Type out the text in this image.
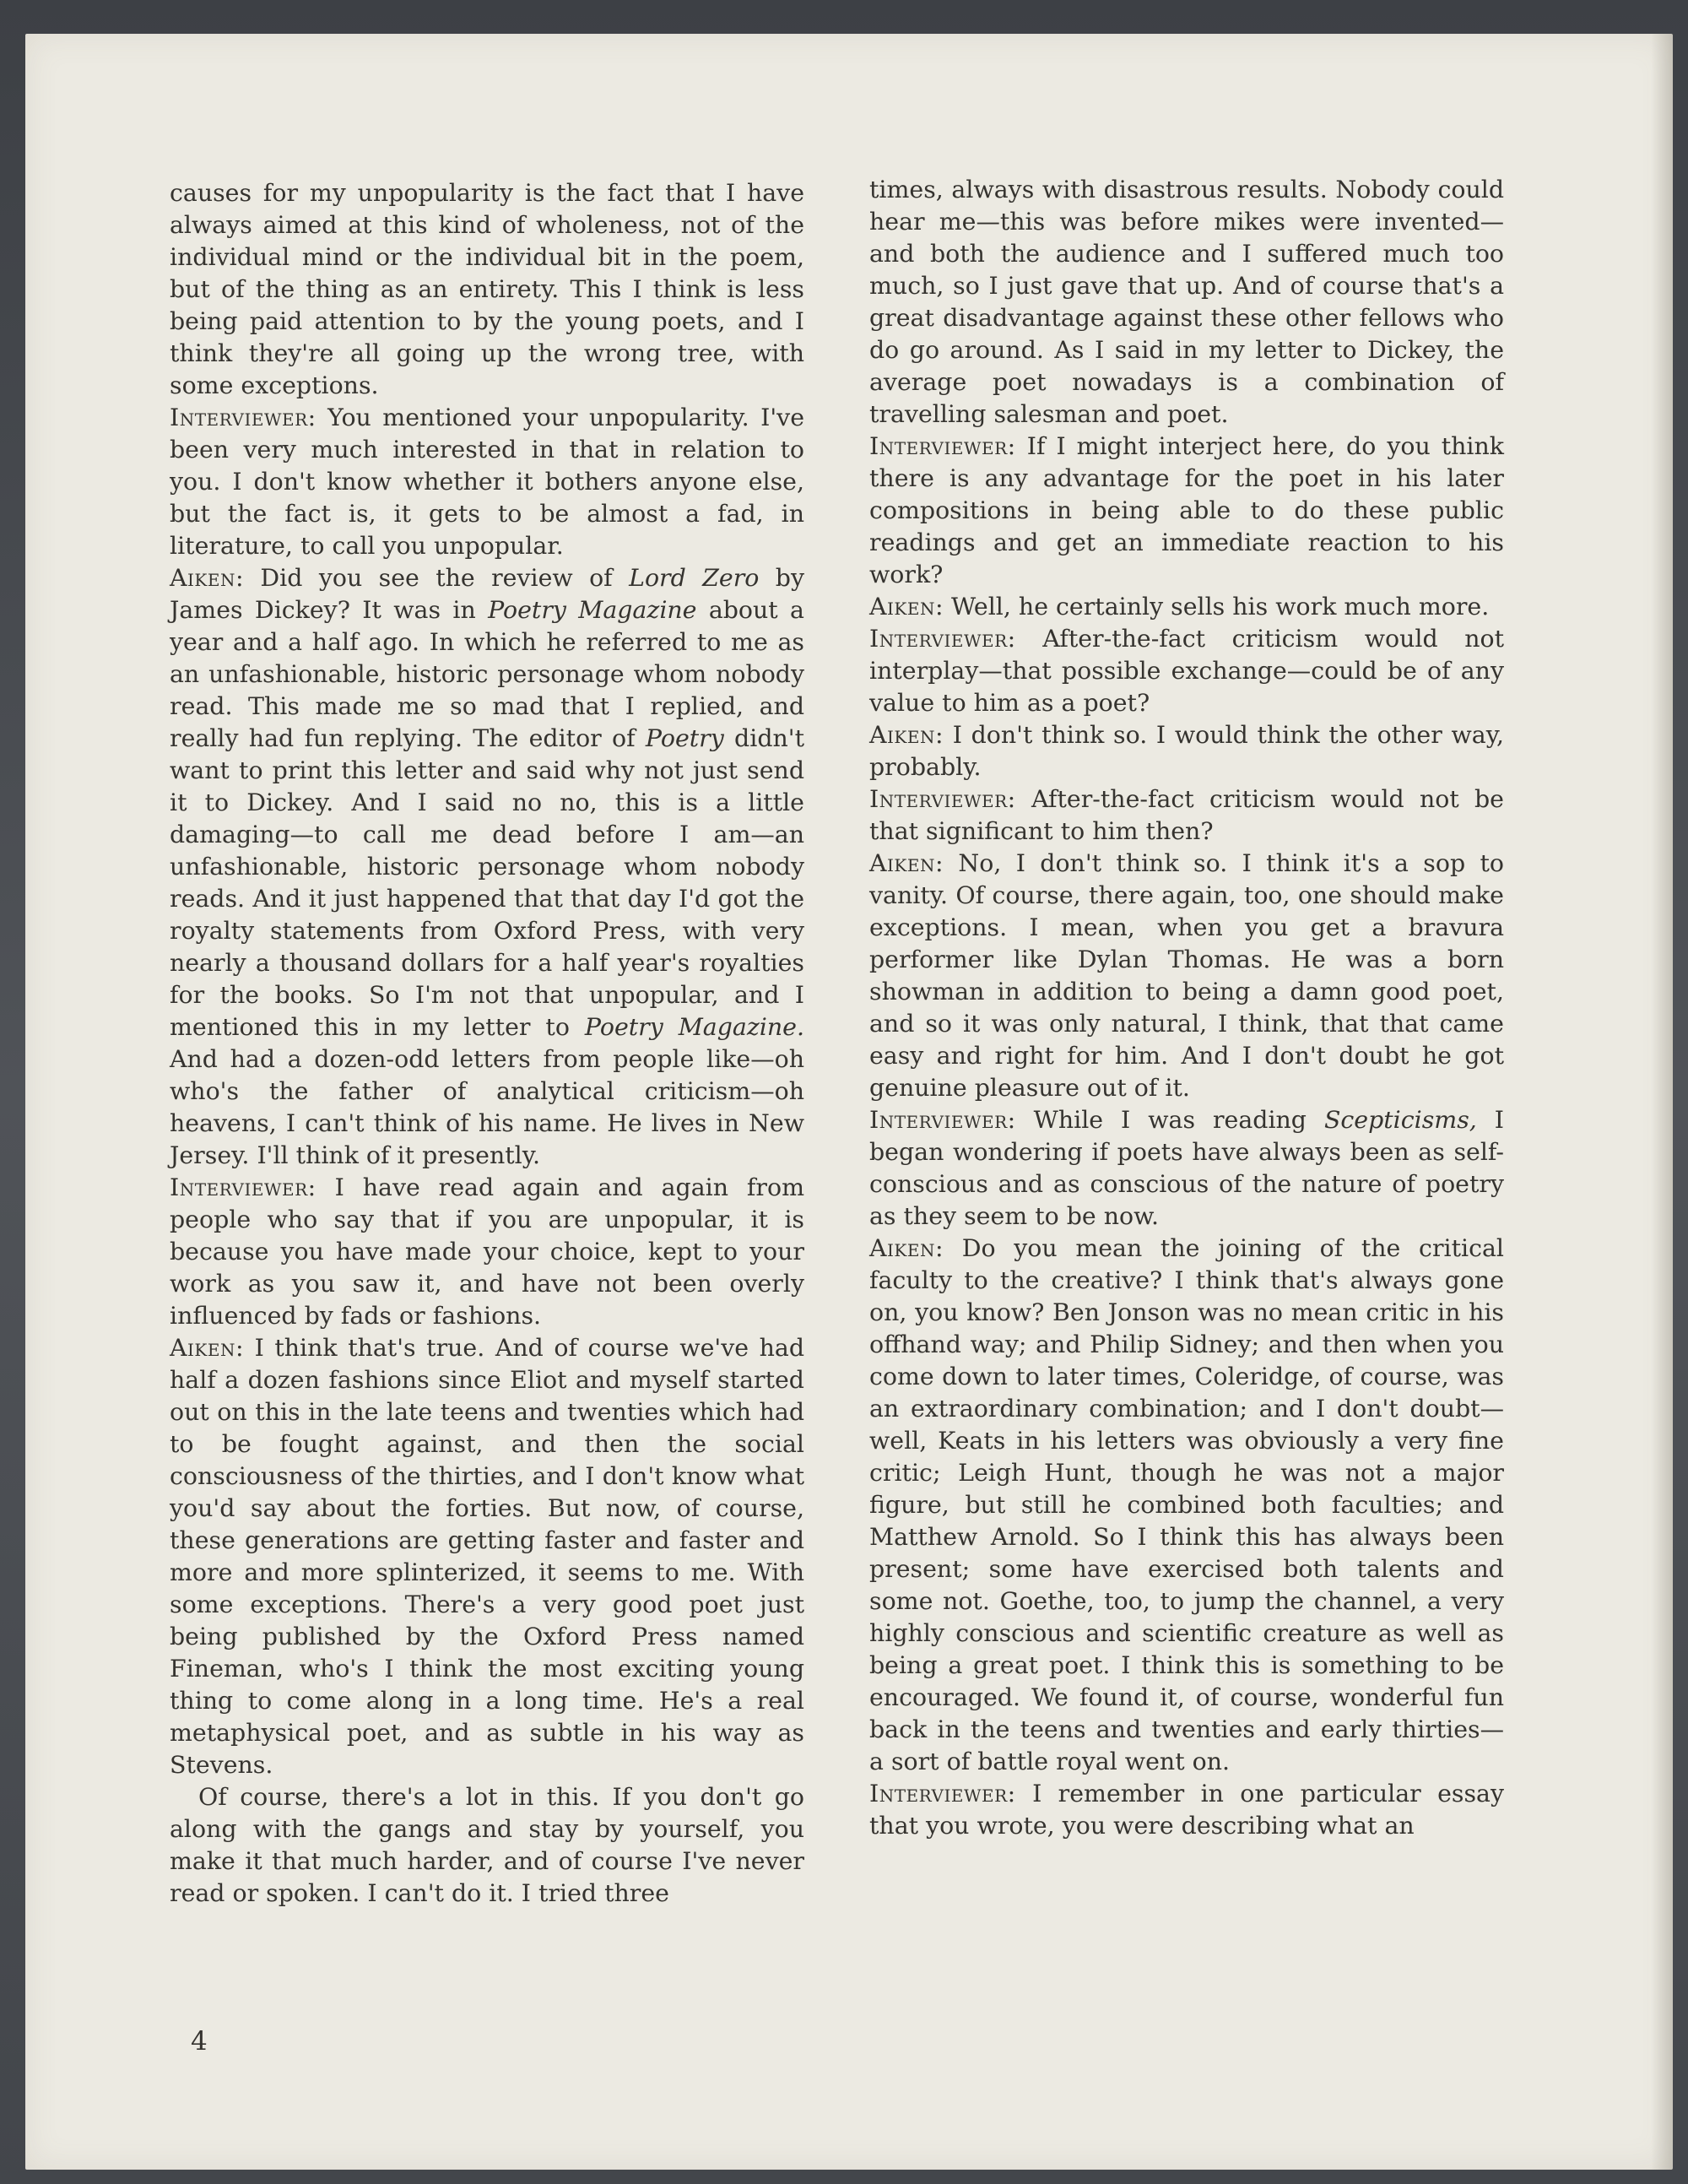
causes for my unpopularity is the fact that I have always aimed at this kind of wholeness, not of the individual mind or the individual bit in the poem, but of the thing as an entirety. This I think is less being paid attention to by the young poets, and I think they're all going up the wrong tree, with some exceptions.

Interviewer: You mentioned your unpopularity. I've been very much interested in that in relation to you. I don't know whether it bothers anyone else, but the fact is, it gets to be almost a fad, in literature, to call you unpopular.

Aiken: Did you see the review of Lord Zero by James Dickey? It was in Poetry Magazine about a year and a half ago. In which he referred to me as an unfashionable, historic personage whom nobody read. This made me so mad that I replied, and really had fun replying. The editor of Poetry didn't want to print this letter and said why not just send it to Dickey. And I said no no, this is a little damaging—to call me dead before I am—an unfashionable, historic personage whom nobody reads. And it just happened that that day I'd got the royalty statements from Oxford Press, with very nearly a thousand dollars for a half year's royalties for the books. So I'm not that unpopular, and I mentioned this in my letter to Poetry Magazine. And had a dozen-odd letters from people like—oh who's the father of analytical criticism—oh heavens, I can't think of his name. He lives in New Jersey. I'll think of it presently.

Interviewer: I have read again and again from people who say that if you are unpopular, it is because you have made your choice, kept to your work as you saw it, and have not been overly influenced by fads or fashions.

Aiken: I think that's true. And of course we've had half a dozen fashions since Eliot and myself started out on this in the late teens and twenties which had to be fought against, and then the social consciousness of the thirties, and I don't know what you'd say about the forties. But now, of course, these generations are getting faster and faster and more and more splinterized, it seems to me. With some exceptions. There's a very good poet just being published by the Oxford Press named Fineman, who's I think the most exciting young thing to come along in a long time. He's a real metaphysical poet, and as subtle in his way as Stevens.

Of course, there's a lot in this. If you don't go along with the gangs and stay by yourself, you make it that much harder, and of course I've never read or spoken. I can't do it. I tried three

times, always with disastrous results. Nobody could hear me—this was before mikes were invented—and both the audience and I suffered much too much, so I just gave that up. And of course that's a great disadvantage against these other fellows who do go around. As I said in my letter to Dickey, the average poet nowadays is a combination of travelling salesman and poet.

Interviewer: If I might interject here, do you think there is any advantage for the poet in his later compositions in being able to do these public readings and get an immediate reaction to his work?

Aiken: Well, he certainly sells his work much more.

Interviewer: After-the-fact criticism would not interplay—that possible exchange—could be of any value to him as a poet?

Aiken: I don't think so. I would think the other way, probably.

Interviewer: After-the-fact criticism would not be that significant to him then?

Aiken: No, I don't think so. I think it's a sop to vanity. Of course, there again, too, one should make exceptions. I mean, when you get a bravura performer like Dylan Thomas. He was a born showman in addition to being a damn good poet, and so it was only natural, I think, that that came easy and right for him. And I don't doubt he got genuine pleasure out of it.

Interviewer: While I was reading Scepticisms, I began wondering if poets have always been as self-conscious and as conscious of the nature of poetry as they seem to be now.

Aiken: Do you mean the joining of the critical faculty to the creative? I think that's always gone on, you know? Ben Jonson was no mean critic in his offhand way; and Philip Sidney; and then when you come down to later times, Coleridge, of course, was an extraordinary combination; and I don't doubt—well, Keats in his letters was obviously a very fine critic; Leigh Hunt, though he was not a major figure, but still he combined both faculties; and Matthew Arnold. So I think this has always been present; some have exercised both talents and some not. Goethe, too, to jump the channel, a very highly conscious and scientific creature as well as being a great poet. I think this is something to be encouraged. We found it, of course, wonderful fun back in the teens and twenties and early thirties— a sort of battle royal went on.

Interviewer: I remember in one particular essay that you wrote, you were describing what an

4
